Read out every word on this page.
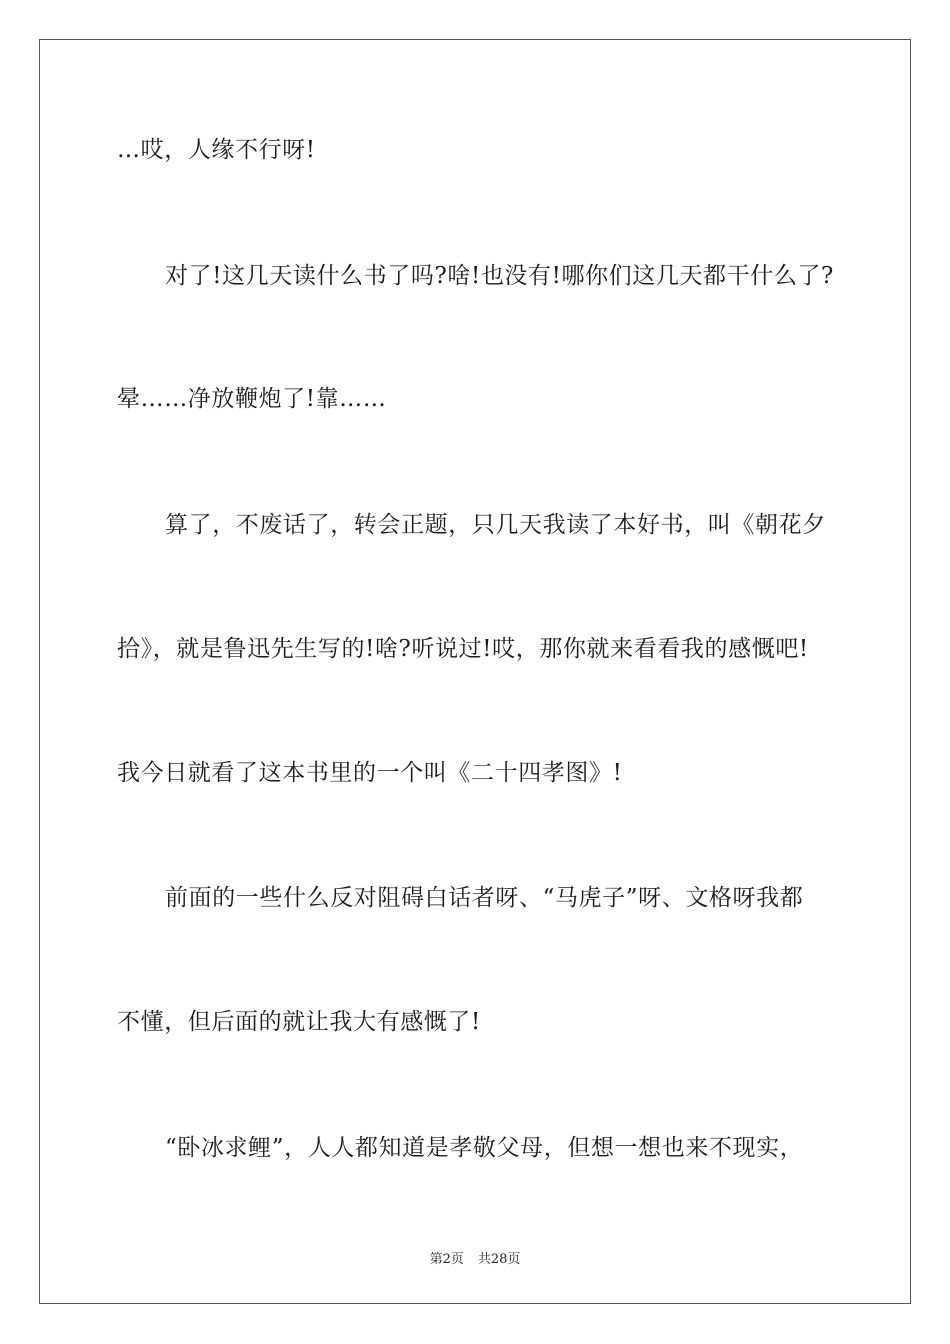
…哎，人缘不行呀!
对了!这几天读什么书了吗?啥!也没有!哪你们这几天都干什么了?
晕……净放鞭炮了!靠……
算了，不废话了，转会正题，只几天我读了本好书，叫《朝花夕
拾》，就是鲁迅先生写的!啥?听说过!哎，那你就来看看我的感慨吧!
我今日就看了这本书里的一个叫《二十四孝图》!
前面的一些什么反对阻碍白话者呀、“马虎子”呀、文格呀我都
不懂，但后面的就让我大有感慨了!
“卧冰求鲤”，人人都知道是孝敬父母，但想一想也来不现实，
第2页 共28页
